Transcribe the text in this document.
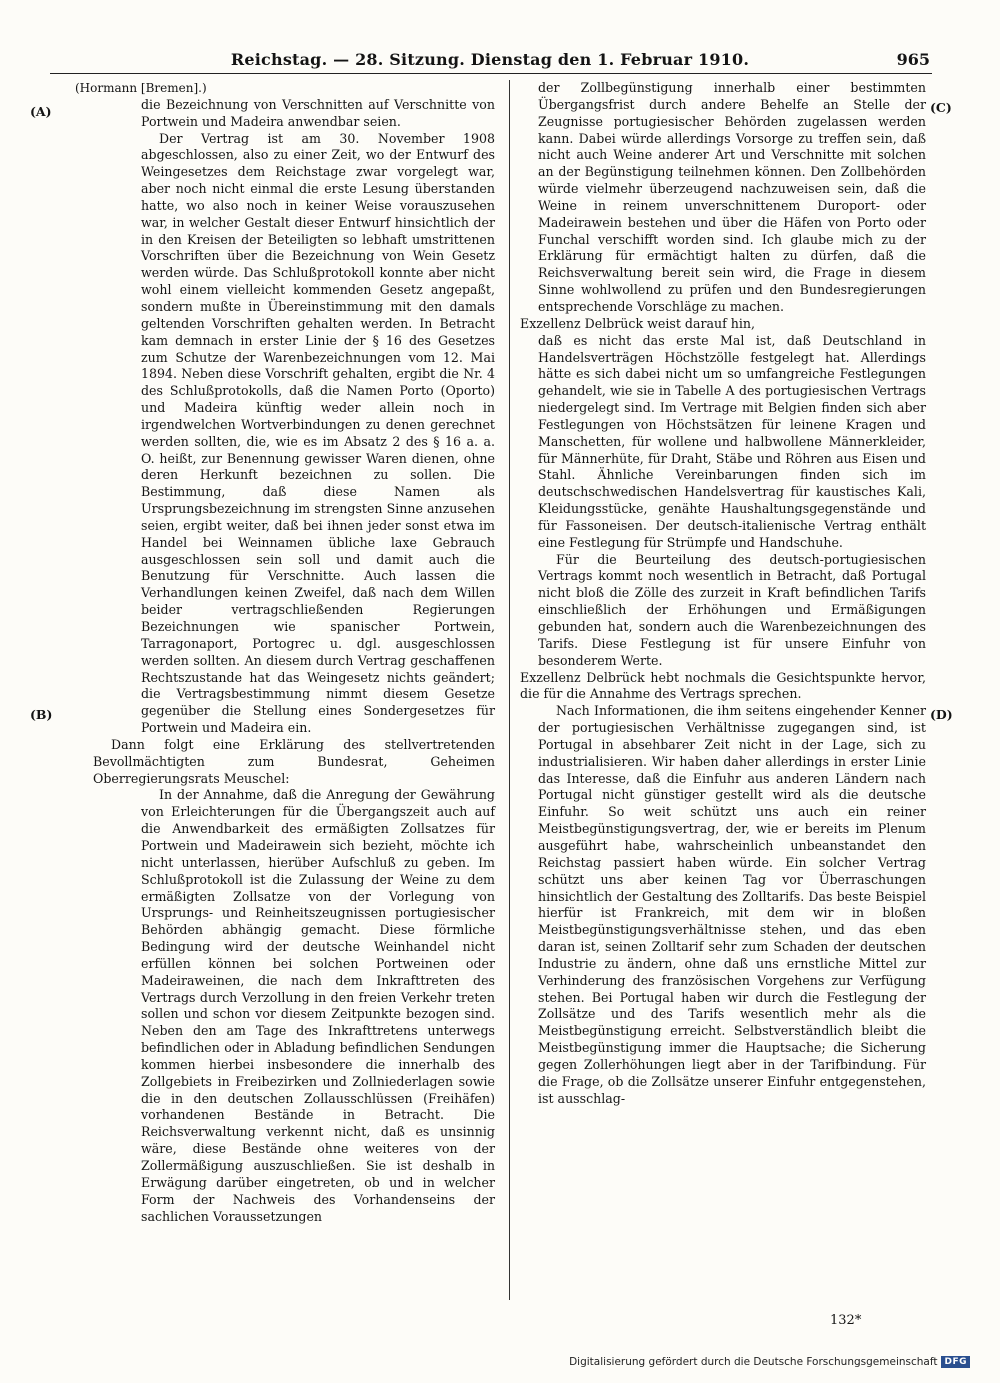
Reichstag. — 28. Sitzung. Dienstag den 1. Februar 1910.	965
(A)
(B)
(C)
(D)

(Hormann [Bremen].)

die Bezeichnung von Verschnitten auf Verschnitte von Portwein und Madeira anwendbar seien.

Der Vertrag ist am 30. November 1908 abgeschlossen, also zu einer Zeit, wo der Entwurf des Weingesetzes dem Reichstage zwar vorgelegt war, aber noch nicht einmal die erste Lesung überstanden hatte, wo also noch in keiner Weise vorauszusehen war, in welcher Gestalt dieser Entwurf hinsichtlich der in den Kreisen der Beteiligten so lebhaft umstrittenen Vorschriften über die Bezeichnung von Wein Gesetz werden würde. Das Schlußprotokoll konnte aber nicht wohl einem vielleicht kommenden Gesetz angepaßt, sondern mußte in Übereinstimmung mit den damals geltenden Vorschriften gehalten werden. In Betracht kam demnach in erster Linie der § 16 des Gesetzes zum Schutze der Warenbezeichnungen vom 12. Mai 1894. Neben diese Vorschrift gehalten, ergibt die Nr. 4 des Schlußprotokolls, daß die Namen Porto (Oporto) und Madeira künftig weder allein noch in irgendwelchen Wortverbindungen zu denen gerechnet werden sollten, die, wie es im Absatz 2 des § 16 a. a. O. heißt, zur Benennung gewisser Waren dienen, ohne deren Herkunft bezeichnen zu sollen. Die Bestimmung, daß diese Namen als Ursprungsbezeichnung im strengsten Sinne anzusehen seien, ergibt weiter, daß bei ihnen jeder sonst etwa im Handel bei Weinnamen übliche laxe Gebrauch ausgeschlossen sein soll und damit auch die Benutzung für Verschnitte. Auch lassen die Verhandlungen keinen Zweifel, daß nach dem Willen beider vertragschließenden Regierungen Bezeichnungen wie spanischer Portwein, Tarragonaport, Portogrec u. dgl. ausgeschlossen werden sollten. An diesem durch Vertrag geschaffenen Rechtszustande hat das Weingesetz nichts geändert; die Vertragsbestimmung nimmt diesem Gesetze gegenüber die Stellung eines Sondergesetzes für Portwein und Madeira ein.

Dann folgt eine Erklärung des stellvertretenden Bevollmächtigten zum Bundesrat, Geheimen Oberregierungsrats Meuschel:

In der Annahme, daß die Anregung der Gewährung von Erleichterungen für die Übergangszeit auch auf die Anwendbarkeit des ermäßigten Zollsatzes für Portwein und Madeirawein sich bezieht, möchte ich nicht unterlassen, hierüber Aufschluß zu geben. Im Schlußprotokoll ist die Zulassung der Weine zu dem ermäßigten Zollsatze von der Vorlegung von Ursprungs- und Reinheitszeugnissen portugiesischer Behörden abhängig gemacht. Diese förmliche Bedingung wird der deutsche Weinhandel nicht erfüllen können bei solchen Portweinen oder Madeiraweinen, die nach dem Inkrafttreten des Vertrags durch Verzollung in den freien Verkehr treten sollen und schon vor diesem Zeitpunkte bezogen sind. Neben den am Tage des Inkrafttretens unterwegs befindlichen oder in Abladung befindlichen Sendungen kommen hierbei insbesondere die innerhalb des Zollgebiets in Freibezirken und Zollniederlagen sowie die in den deutschen Zollausschlüssen (Freihäfen) vorhandenen Bestände in Betracht. Die Reichsverwaltung verkennt nicht, daß es unsinnig wäre, diese Bestände ohne weiteres von der Zollermäßigung auszuschließen. Sie ist deshalb in Erwägung darüber eingetreten, ob und in welcher Form der Nachweis des Vorhandenseins der sachlichen Voraussetzungen

der Zollbegünstigung innerhalb einer bestimmten Übergangsfrist durch andere Behelfe an Stelle der Zeugnisse portugiesischer Behörden zugelassen werden kann. Dabei würde allerdings Vorsorge zu treffen sein, daß nicht auch Weine anderer Art und Verschnitte mit solchen an der Begünstigung teilnehmen können. Den Zollbehörden würde vielmehr überzeugend nachzuweisen sein, daß die Weine in reinem unverschnittenem Duroport- oder Madeirawein bestehen und über die Häfen von Porto oder Funchal verschifft worden sind. Ich glaube mich zu der Erklärung für ermächtigt halten zu dürfen, daß die Reichsverwaltung bereit sein wird, die Frage in diesem Sinne wohlwollend zu prüfen und den Bundesregierungen entsprechende Vorschläge zu machen.

Exzellenz Delbrück weist darauf hin,

daß es nicht das erste Mal ist, daß Deutschland in Handelsverträgen Höchstzölle festgelegt hat. Allerdings hätte es sich dabei nicht um so umfangreiche Festlegungen gehandelt, wie sie in Tabelle A des portugiesischen Vertrags niedergelegt sind. Im Vertrage mit Belgien finden sich aber Festlegungen von Höchstsätzen für leinene Kragen und Manschetten, für wollene und halbwollene Männerkleider, für Männerhüte, für Draht, Stäbe und Röhren aus Eisen und Stahl. Ähnliche Vereinbarungen finden sich im deutschschwedischen Handelsvertrag für kaustisches Kali, Kleidungsstücke, genähte Haushaltungsgegenstände und für Fassoneisen. Der deutsch-italienische Vertrag enthält eine Festlegung für Strümpfe und Handschuhe.

Für die Beurteilung des deutsch-portugiesischen Vertrags kommt noch wesentlich in Betracht, daß Portugal nicht bloß die Zölle des zurzeit in Kraft befindlichen Tarifs einschließlich der Erhöhungen und Ermäßigungen gebunden hat, sondern auch die Warenbezeichnungen des Tarifs. Diese Festlegung ist für unsere Einfuhr von besonderem Werte.

Exzellenz Delbrück hebt nochmals die Gesichtspunkte hervor, die für die Annahme des Vertrags sprechen.

Nach Informationen, die ihm seitens eingehender Kenner der portugiesischen Verhältnisse zugegangen sind, ist Portugal in absehbarer Zeit nicht in der Lage, sich zu industrialisieren. Wir haben daher allerdings in erster Linie das Interesse, daß die Einfuhr aus anderen Ländern nach Portugal nicht günstiger gestellt wird als die deutsche Einfuhr. So weit schützt uns auch ein reiner Meistbegünstigungsvertrag, der, wie er bereits im Plenum ausgeführt habe, wahrscheinlich unbeanstandet den Reichstag passiert haben würde. Ein solcher Vertrag schützt uns aber keinen Tag vor Überraschungen hinsichtlich der Gestaltung des Zolltarifs. Das beste Beispiel hierfür ist Frankreich, mit dem wir in bloßen Meistbegünstigungsverhältnisse stehen, und das eben daran ist, seinen Zolltarif sehr zum Schaden der deutschen Industrie zu ändern, ohne daß uns ernstliche Mittel zur Verhinderung des französischen Vorgehens zur Verfügung stehen. Bei Portugal haben wir durch die Festlegung der Zollsätze und des Tarifs wesentlich mehr als die Meistbegünstigung erreicht. Selbstverständlich bleibt die Meistbegünstigung immer die Hauptsache; die Sicherung gegen Zollerhöhungen liegt aber in der Tarifbindung. Für die Frage, ob die Zollsätze unserer Einfuhr entgegenstehen, ist ausschlag-

132*
Digitalisierung gefördert durch die Deutsche Forschungsgemeinschaft DFG
